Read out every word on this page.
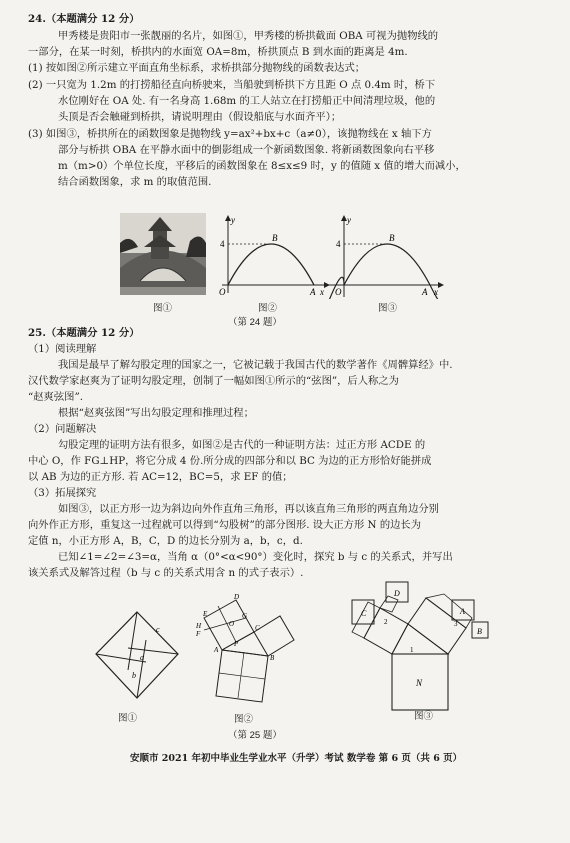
24.（本题满分 12 分）
甲秀楼是贵阳市一张靓丽的名片，如图①，甲秀楼的桥拱截面 OBA 可视为抛物线的
一部分，在某一时刻，桥拱内的水面宽 OA=8m，桥拱顶点 B 到水面的距离是 4m.
(1) 按如图②所示建立平面直角坐标系，求桥拱部分抛物线的函数表达式；
(2) 一只宽为 1.2m 的打捞船径直向桥驶来，当船驶到桥拱下方且距 O 点 0.4m 时，桥下
水位刚好在 OA 处. 有一名身高 1.68m 的工人站立在打捞船正中间清理垃圾，他的
头顶是否会触碰到桥拱，请说明理由（假设船底与水面齐平）；
(3) 如图③，桥拱所在的函数图象是抛物线 y=ax²+bx+c（a≠0），该抛物线在 x 轴下方
部分与桥拱 OBA 在平静水面中的倒影组成一个新函数图象. 将新函数图象向右平移
m（m>0）个单位长度，平移后的函数图象在 8≤x≤9 时，y 的值随 x 值的增大而减小，
结合函数图象，求 m 的取值范围.
图①
y
x
O	A
B
4
图②
y
x
O	A
B
4
图③
（第 24 题）
25.（本题满分 12 分）
（1）阅读理解
我国是最早了解勾股定理的国家之一，它被记载于我国古代的数学著作《周髀算经》中.
汉代数学家赵爽为了证明勾股定理，创制了一幅如图①所示的“弦图”，后人称之为
“赵爽弦图”.
根据“赵爽弦图”写出勾股定理和推理过程；
（2）问题解决
勾股定理的证明方法有很多，如图②是古代的一种证明方法：过正方形 ACDE 的
中心 O，作 FG⊥HP，将它分成 4 份.所分成的四部分和以 BC 为边的正方形恰好能拼成
以 AB 为边的正方形. 若 AC=12，BC=5，求 EF 的值；
（3）拓展探究
如图③，以正方形一边为斜边向外作直角三角形，再以该直角三角形的两直角边分别
向外作正方形，重复这一过程就可以得到“勾股树”的部分图形. 设大正方形 N 的边长为
定值 n，小正方形 A，B，C，D 的边长分别为 a，b，c，d.
已知∠1=∠2=∠3=α，当角 α（0°<α<90°）变化时，探究 b 与 c 的关系式，并写出
该关系式及解答过程（b 与 c 的关系式用含 n 的式子表示）.
a
b
c
图①
H
F
E
D
A
B
C
G
P
O
图②
（第 25 题）
C
D
A
B
N
1
2	3
图③
安顺市 2021 年初中毕业生学业水平（升学）考试 数学卷 第 6 页（共 6 页）
